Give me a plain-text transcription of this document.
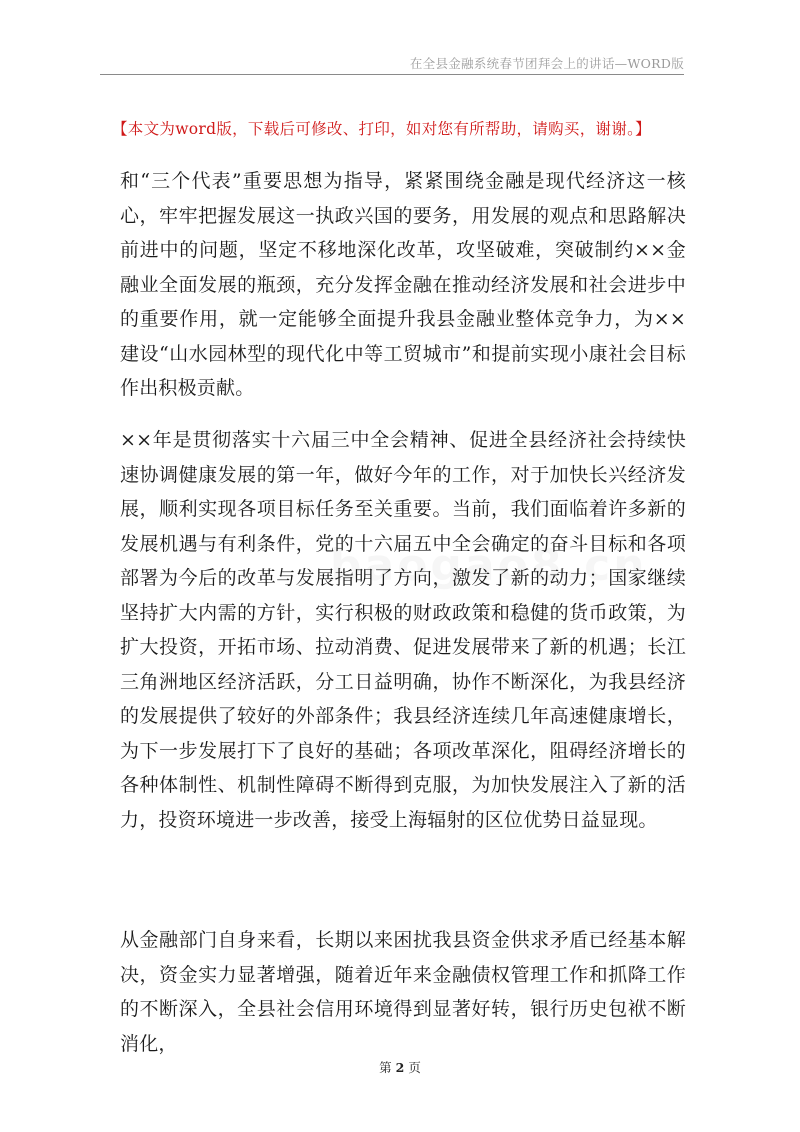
在全县金融系统春节团拜会上的讲话—WORD版
【本文为word版，下载后可修改、打印，如对您有所帮助，请购买，谢谢。】

和“三个代表”重要思想为指导，紧紧围绕金融是现代经济这一核心，牢牢把握发展这一执政兴国的要务，用发展的观点和思路解决前进中的问题，坚定不移地深化改革，攻坚破难，突破制约××金融业全面发展的瓶颈，充分发挥金融在推动经济发展和社会进步中的重要作用，就一定能够全面提升我县金融业整体竞争力，为××建设“山水园林型的现代化中等工贸城市”和提前实现小康社会目标作出积极贡献。

××年是贯彻落实十六届三中全会精神、促进全县经济社会持续快速协调健康发展的第一年，做好今年的工作，对于加快长兴经济发展，顺利实现各项目标任务至关重要。当前，我们面临着许多新的发展机遇与有利条件，党的十六届五中全会确定的奋斗目标和各项部署为今后的改革与发展指明了方向，激发了新的动力；国家继续坚持扩大内需的方针，实行积极的财政政策和稳健的货币政策，为扩大投资，开拓市场、拉动消费、促进发展带来了新的机遇；长江三角洲地区经济活跃，分工日益明确，协作不断深化，为我县经济的发展提供了较好的外部条件；我县经济连续几年高速健康增长，为下一步发展打下了良好的基础；各项改革深化，阻碍经济增长的各种体制性、机制性障碍不断得到克服，为加快发展注入了新的活力，投资环境进一步改善，接受上海辐射的区位优势日益显现。

从金融部门自身来看，长期以来困扰我县资金供求矛盾已经基本解决，资金实力显著增强，随着近年来金融债权管理工作和抓降工作的不断深入，全县社会信用环境得到显著好转，银行历史包袱不断消化，

第 2 页
